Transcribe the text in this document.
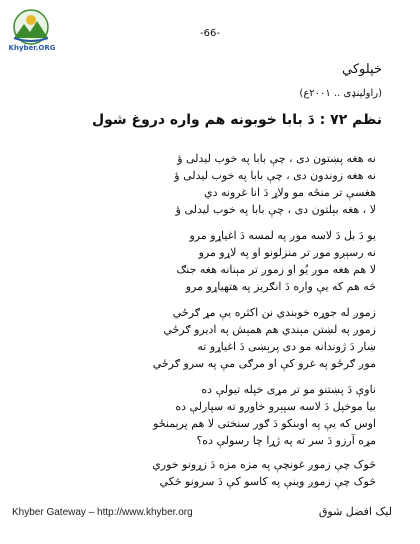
Khyber.ORG
-66-
خپلوکي
(راولپنډی .. ۲۰۰۱ع)
نظم ۷۲ : دَ بابا خوبونه هم واره دروغ شول
نه هغه پښتون دی ، چې بابا په خوب ليدلی ؤ
نه هغه زوندون دی ، چې بابا په خوب ليدلی ؤ
هغسې تر منځه مو ولاړ دَ انا غرونه دي
لا ، هغه بېلتون دی ، چې بابا په خوب ليدلی ؤ
يو دَ بل دَ لاسه موږ په لمسه دَ اغياړو مرو
نه رسېږو موږ تر منزلونو او په لاړو مرو
لا هم هغه موږ يُو او زموږ تر مېنانه هغه جنګ
څه هم که يې واره دَ انګريز په هتهياړو مرو
زموږ له جوړه خوبندي نن اکثره يې مړ ګرځي
زموږ په لښتن مېندي هم همېش په اديرو ګرځي
ښار دَ ژوندانه مو دی پرېښی دَ اغياړو ته
موږ ګرځو په غرو کې او مرګی مې په سرو ګرځي
ناوې دَ پښتنو مو تر مړی خپله تيولې ده
بيا موخپل دَ لاسه سپېرو خاورو ته سپارلې ده
اوس که يې په اوبنکو دَ ګور سنختی لا هم پرېمنځو
مړه آرزو دَ سر ته په ژړا چا رسولې ده؟
څوک چې زموږ غونچې په مزه مزه دَ زړونو خوري
څوک چې زموږ وينې په کاسو کې دَ سرونو څکي
Khyber Gateway – http://www.khyber.org	ليک افضل شوق
